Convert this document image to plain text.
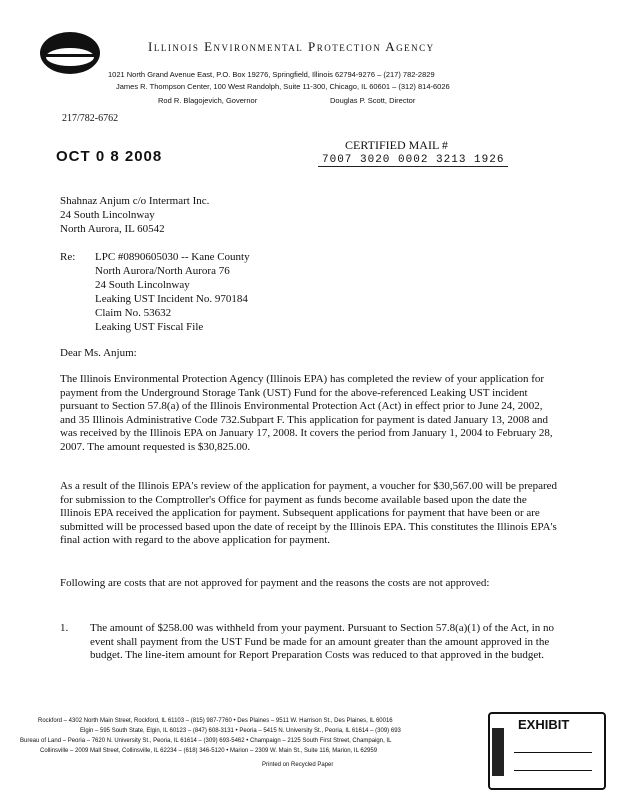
Illinois Environmental Protection Agency
1021 North Grand Avenue East, P.O. Box 19276, Springfield, Illinois 62794-9276 – (217) 782-2829
James R. Thompson Center, 100 West Randolph, Suite 11-300, Chicago, IL 60601 – (312) 814-6026
Rod R. Blagojevich, Governor	Douglas P. Scott, Director
217/782-6762
OCT 0 8 2008
CERTIFIED MAIL #
7007 3020 0002 3213 1926
Shahnaz Anjum c/o Intermart Inc.
24 South Lincolnway
North Aurora, IL 60542
Re: LPC #0890605030 -- Kane County
North Aurora/North Aurora 76
24 South Lincolnway
Leaking UST Incident No. 970184
Claim No. 53632
Leaking UST Fiscal File
Dear Ms. Anjum:
The Illinois Environmental Protection Agency (Illinois EPA) has completed the review of your application for payment from the Underground Storage Tank (UST) Fund for the above-referenced Leaking UST incident pursuant to Section 57.8(a) of the Illinois Environmental Protection Act (Act) in effect prior to June 24, 2002, and 35 Illinois Administrative Code 732.Subpart F. This application for payment is dated January 13, 2008 and was received by the Illinois EPA on January 17, 2008. It covers the period from January 1, 2004 to February 28, 2007. The amount requested is $30,825.00.
As a result of the Illinois EPA's review of the application for payment, a voucher for $30,567.00 will be prepared for submission to the Comptroller's Office for payment as funds become available based upon the date the Illinois EPA received the application for payment. Subsequent applications for payment that have been or are submitted will be processed based upon the date of receipt by the Illinois EPA. This constitutes the Illinois EPA's final action with regard to the above application for payment.
Following are costs that are not approved for payment and the reasons the costs are not approved:
1. The amount of $258.00 was withheld from your payment. Pursuant to Section 57.8(a)(1) of the Act, in no event shall payment from the UST Fund be made for an amount greater than the amount approved in the budget. The line-item amount for Report Preparation Costs was reduced to that approved in the budget.
Rockford – 4302 North Main Street, Rockford, IL 61103 – (815) 987-7760 • Des Plaines – 9511 W. Harrison St., Des Plaines, IL 60016
Elgin – 595 South State, Elgin, IL 60123 – (847) 608-3131 • Peoria – 5415 N. University St., Peoria, IL 61614 – (309) 693
Bureau of Land – Peoria – 7620 N. University St., Peoria, IL 61614 – (309) 693-5462 • Champaign – 2125 South First Street, Champaign, IL
Collinsville – 2009 Mall Street, Collinsville, IL 62234 – (618) 346-5120 • Marion – 2309 W. Main St., Suite 116, Marion, IL 62959
Printed on Recycled Paper
EXHIBIT
